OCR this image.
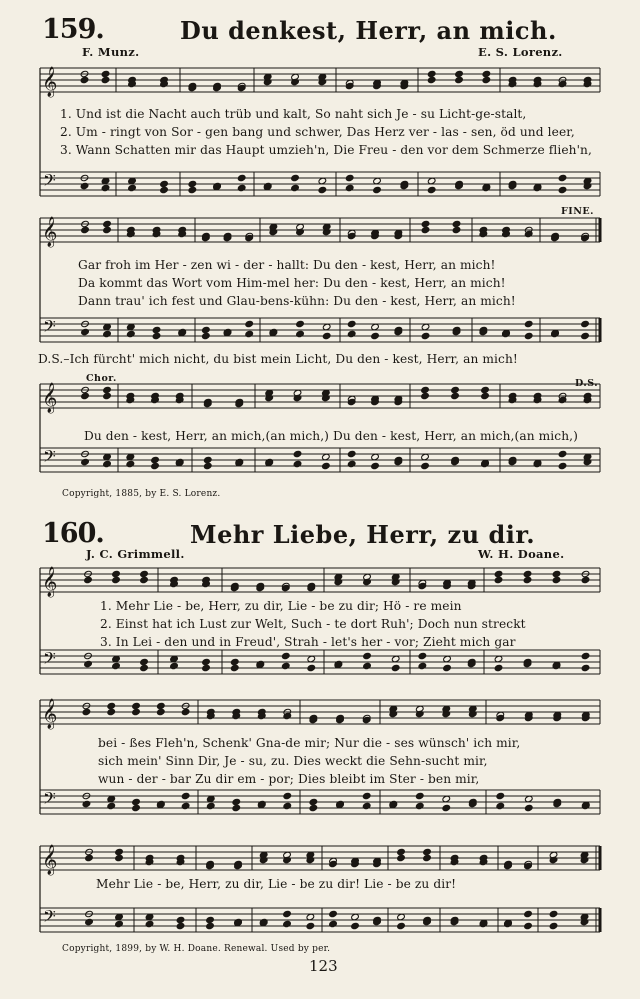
𝄞
𝄢
𝄞
𝄢
𝄞
𝄢
𝄞
𝄢
𝄞
𝄢
𝄞
𝄢
159.	Du denkest, Herr, an mich.
F. Munz.	E. S. Lorenz.
1. Und ist die Nacht auch trüb und kalt, So naht sich Je - su Licht-ge-stalt,
2. Um - ringt von Sor - gen bang und schwer, Das Herz ver - las - sen, öd und leer,
3. Wann Schatten mir das Haupt umzieh'n, Die Freu - den vor dem Schmerze flieh'n,
FINE.
Gar froh im Her - zen wi - der - hallt: Du den - kest, Herr, an mich!
Da kommt das Wort vom Him-mel her: Du den - kest, Herr, an mich!
Dann trau' ich fest und Glau-bens-kühn: Du den - kest, Herr, an mich!
D.S.–Ich fürcht' mich nicht, du bist mein Licht, Du den - kest, Herr, an mich!
Chor.	D.S.
Du den - kest, Herr, an mich,(an mich,) Du den - kest, Herr, an mich,(an mich,)
Copyright, 1885, by E. S. Lorenz.
160.	Mehr Liebe, Herr, zu dir.
J. C. Grimmell.	W. H. Doane.
1. Mehr Lie - be, Herr, zu dir, Lie - be zu dir; Hö - re mein
2. Einst hat ich Lust zur Welt, Such - te dort Ruh'; Doch nun streckt
3. In Lei - den und in Freud', Strah - let's her - vor; Zieht mich gar
bei - ßes Fleh'n, Schenk' Gna-de mir; Nur die - ses wünsch' ich mir,
sich mein' Sinn Dir, Je - su, zu. Dies weckt die Sehn-sucht mir,
wun - der - bar Zu dir em - por; Dies bleibt im Ster - ben mir,
Mehr Lie - be, Herr, zu dir, Lie - be zu dir! Lie - be zu dir!
Copyright, 1899, by W. H. Doane. Renewal. Used by per.
123
